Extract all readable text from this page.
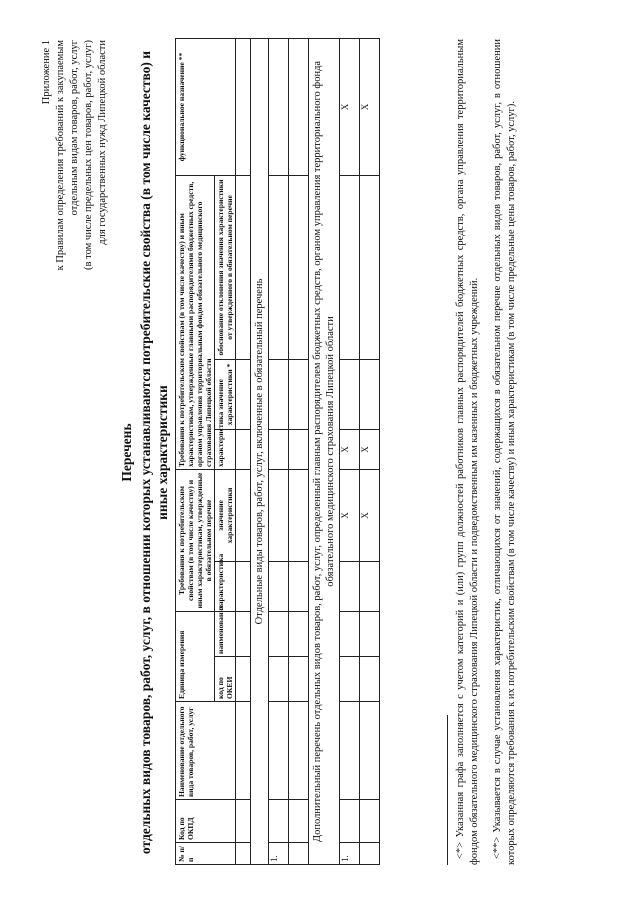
Приложение 1 к Правилам определения требований к закупаемым отдельным видам товаров, работ, услуг (в том числе предельных цен товаров, работ, услуг) для государственных нужд Липецкой области
Перечень отдельных видов товаров, работ, услуг, в отношении которых устанавливаются потребительские свойства (в том числе качество) и иные характеристики
№ п/п	Код по ОКПД	Наименование отдельного вида товаров, работ, услуг	Единица измерения		Требования к потребительским свойствам (в том числе качеству) и иным характеристикам, утвержденные в обязательном перечне		Требования к потребительским свойствам (в том числе качеству) и иным характеристикам, утвержденные главными распорядителями бюджетных средств, органом управления территориальным фондом обязательного медицинского страхования Липецкой области			функциональное назначение **	
			код по ОКЕИ	наименование	характеристика	значение характеристики	характеристика	значение характеристики *	обоснование отклонения значения характеристики от утвержденного в обязательном перечне		

Отдельные виды товаров, работ, услуг, включенные в обязательный перечень											
1.											

Дополнительный перечень отдельных видов товаров, работ, услуг, определенный главным распорядителем бюджетных средств, органом управления территориального фонда обязательного медицинского страхования Липецкой области											
1.						X	X			X	
						X	X			X		<*> Указанная графа заполняется с учетом категорий и (или) групп должностей работников главных распорядителей бюджетных средств, органа управления территориальным фондом обязательного медицинского страхования Липецкой области и подведомственным им казенных и бюджетных учреждений. <**> Указывается в случае установления характеристик, отличающихся от значений, содержащихся в обязательном перечне отдельных видов товаров, работ, услуг, в отношении которых определяются требования к их потребительским свойствам (в том числе качеству) и иным характеристикам (в том числе предельные цены товаров, работ, услуг).
